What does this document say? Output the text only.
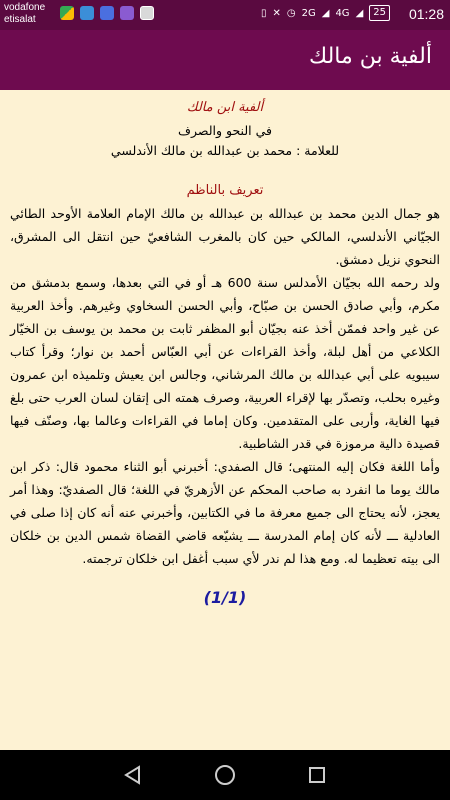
vodafone
etisalat
▯ ✕ ◷ 2G ◢ 4G ◢	25 01:28
ألفية بن مالك
ألفية ابن مالك

في النحو والصرف

للعلامة : محمد بن عبدالله بن مالك الأندلسي

تعريف بالناظم

هو جمال الدين محمد بن عبدالله بن عبدالله بن مالك الإمام العلامة الأوحد الطائي الجيّاني الأندلسي، المالكي حين كان بالمغرب الشافعيّ حين انتقل الى المشرق، النحوي نزيل دمشق.

ولد رحمه الله بجيّان الأمدلس سنة 600 هـ أو في التي بعدها، وسمع بدمشق من مكرم، وأبي صادق الحسن بن صبّاح، وأبي الحسن السخاوي وغيرهم. وأخذ العربية عن غير واحد فممّن أخذ عنه بجيّان أبو المظفر ثابت بن محمد بن يوسف بن الخيّار الكلاعي من أهل لبلة، وأخذ القراءات عن أبي العبّاس أحمد بن نوار؛ وقرأ كتاب سيبويه على أبي عبدالله بن مالك المرشاني، وجالس ابن يعيش وتلميذه ابن عمرون وغيره بحلب، وتصدّر بها لإقراء العربية، وصرف همته الى إتقان لسان العرب حتى بلغ فيها الغاية، وأربى على المتقدمين. وكان إماما في القراءات وعالما بها، وصنّف فيها قصيدة دالية مرموزة في قدر الشاطبية.

وأما اللغة فكان إليه المنتهى؛ قال الصفدي: أخبرني أبو الثناء محمود قال: ذكر ابن مالك يوما ما انفرد به صاحب المحكم عن الأزهريّ في اللغة؛ قال الصفديّ: وهذا أمر يعجز، لأنه يحتاج الى جميع معرفة ما في الكتابين، وأخبرني عنه أنه كان إذا صلى في العادلية ـــ لأنه كان إمام المدرسة ـــ يشيّعه قاضي القضاة شمس الدين بن خلكان الى بيته تعظيما له. ومع هذا لم ندر لأي سبب أغفل ابن خلكان ترجمته.

(1/1)
